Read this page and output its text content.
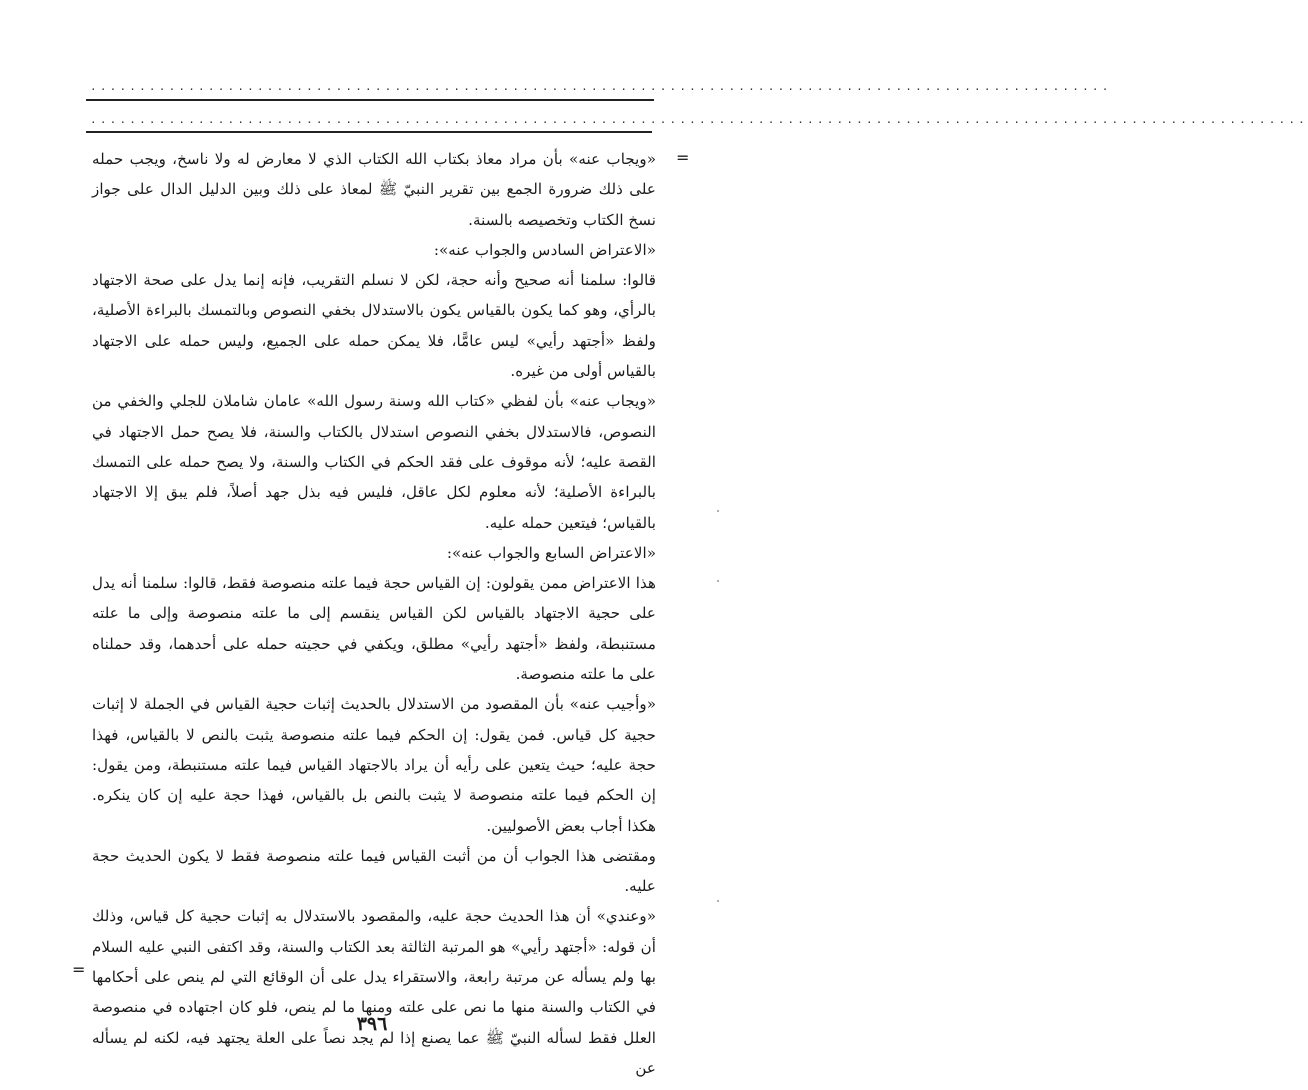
........................................................................................................
............................................................................................................................
=

«ويجاب عنه» بأن مراد معاذ بكتاب الله الكتاب الذي لا معارض له ولا ناسخ، ويجب حمله على ذلك ضرورة الجمع بين تقرير النبيّ ﷺ لمعاذ على ذلك وبين الدليل الدال على جواز نسخ الكتاب وتخصيصه بالسنة.

«الاعتراض السادس والجواب عنه»:

قالوا: سلمنا أنه صحيح وأنه حجة، لكن لا نسلم التقريب، فإنه إنما يدل على صحة الاجتهاد بالرأي، وهو كما يكون بالقياس يكون بالاستدلال بخفي النصوص وبالتمسك بالبراءة الأصلية، ولفظ «أجتهد رأيي» ليس عامًّا، فلا يمكن حمله على الجميع، وليس حمله على الاجتهاد بالقياس أولى من غيره.

«ويجاب عنه» بأن لفظي «كتاب الله وسنة رسول الله» عامان شاملان للجلي والخفي من النصوص، فالاستدلال بخفي النصوص استدلال بالكتاب والسنة، فلا يصح حمل الاجتهاد في القصة عليه؛ لأنه موقوف على فقد الحكم في الكتاب والسنة، ولا يصح حمله على التمسك بالبراءة الأصلية؛ لأنه معلوم لكل عاقل، فليس فيه بذل جهد أصلاً، فلم يبق إلا الاجتهاد بالقياس؛ فيتعين حمله عليه.

«الاعتراض السابع والجواب عنه»:

هذا الاعتراض ممن يقولون: إن القياس حجة فيما علته منصوصة فقط، قالوا: سلمنا أنه يدل على حجية الاجتهاد بالقياس لكن القياس ينقسم إلى ما علته منصوصة وإلى ما علته مستنبطة، ولفظ «أجتهد رأيي» مطلق، ويكفي في حجيته حمله على أحدهما، وقد حملناه على ما علته منصوصة.

«وأجيب عنه» بأن المقصود من الاستدلال بالحديث إثبات حجية القياس في الجملة لا إثبات حجية كل قياس. فمن يقول: إن الحكم فيما علته منصوصة يثبت بالنص لا بالقياس، فهذا حجة عليه؛ حيث يتعين على رأيه أن يراد بالاجتهاد القياس فيما علته مستنبطة، ومن يقول: إن الحكم فيما علته منصوصة لا يثبت بالنص بل بالقياس، فهذا حجة عليه إن كان ينكره. هكذا أجاب بعض الأصوليين.

ومقتضى هذا الجواب أن من أثبت القياس فيما علته منصوصة فقط لا يكون الحديث حجة عليه.

«وعندي» أن هذا الحديث حجة عليه، والمقصود بالاستدلال به إثبات حجية كل قياس، وذلك أن قوله: «أجتهد رأيي» هو المرتبة الثالثة بعد الكتاب والسنة، وقد اكتفى النبي عليه السلام بها ولم يسأله عن مرتبة رابعة، والاستقراء يدل على أن الوقائع التي لم ينص على أحكامها في الكتاب والسنة منها ما نص على علته ومنها ما لم ينص، فلو كان اجتهاده في منصوصة العلل فقط لسأله النبيّ ﷺ عما يصنع إذا لم يجد نصاً على العلة يجتهد فيه، لكنه لم يسأله عن

=
٣٩٦
